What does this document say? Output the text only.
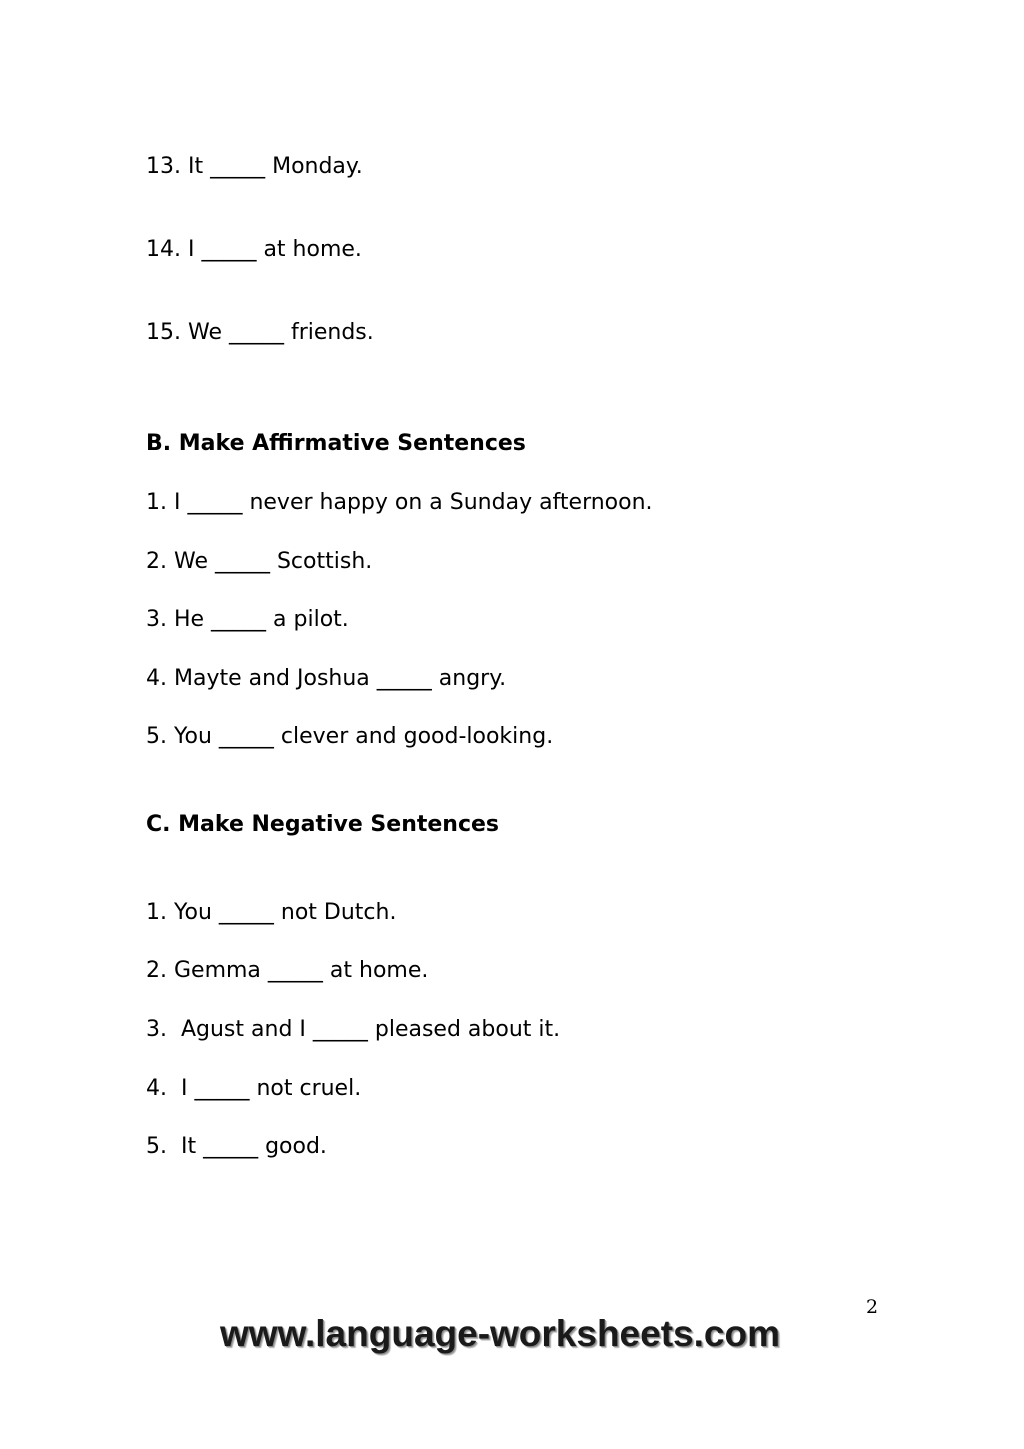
13. It _____ Monday.

14. I _____ at home.

15. We _____ friends.

B. Make Affirmative Sentences

1. I _____ never happy on a Sunday afternoon.

2. We _____ Scottish.

3. He _____ a pilot.

4. Mayte and Joshua _____ angry.

5. You _____ clever and good-looking.

C. Make Negative Sentences

1. You _____ not Dutch.

2. Gemma _____ at home.

3.  Agust and I _____ pleased about it.

4.  I _____ not cruel.

5.  It _____ good.

2
www.language-worksheets.com
